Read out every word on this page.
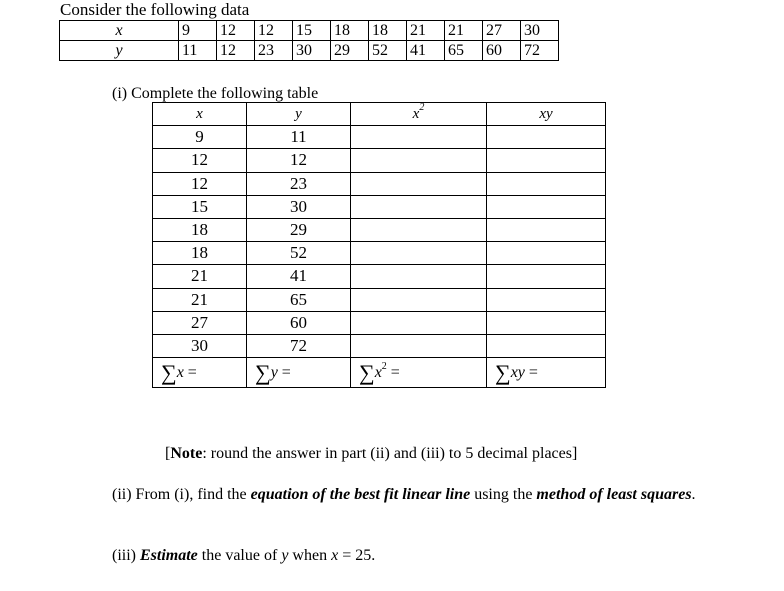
Consider the following data
x	9	12	12	15	18	18	21	21	27	30
y	11	12	23	30	29	52	41	65	60	72
(i) Complete the following table
x	y	$x^2$	xy
9	11		
12	12		
12	23		
15	30		
18	29		
18	52		
21	41		
21	65		
27	60		
30	72		
∑x =	∑y =	$\sum x^2$ =	∑xy =
[Note: round the answer in part (ii) and (iii) to 5 decimal places]
(ii) From (i), find the equation of the best fit linear line using the method of least squares.
(iii) Estimate the value of y when x = 25.
